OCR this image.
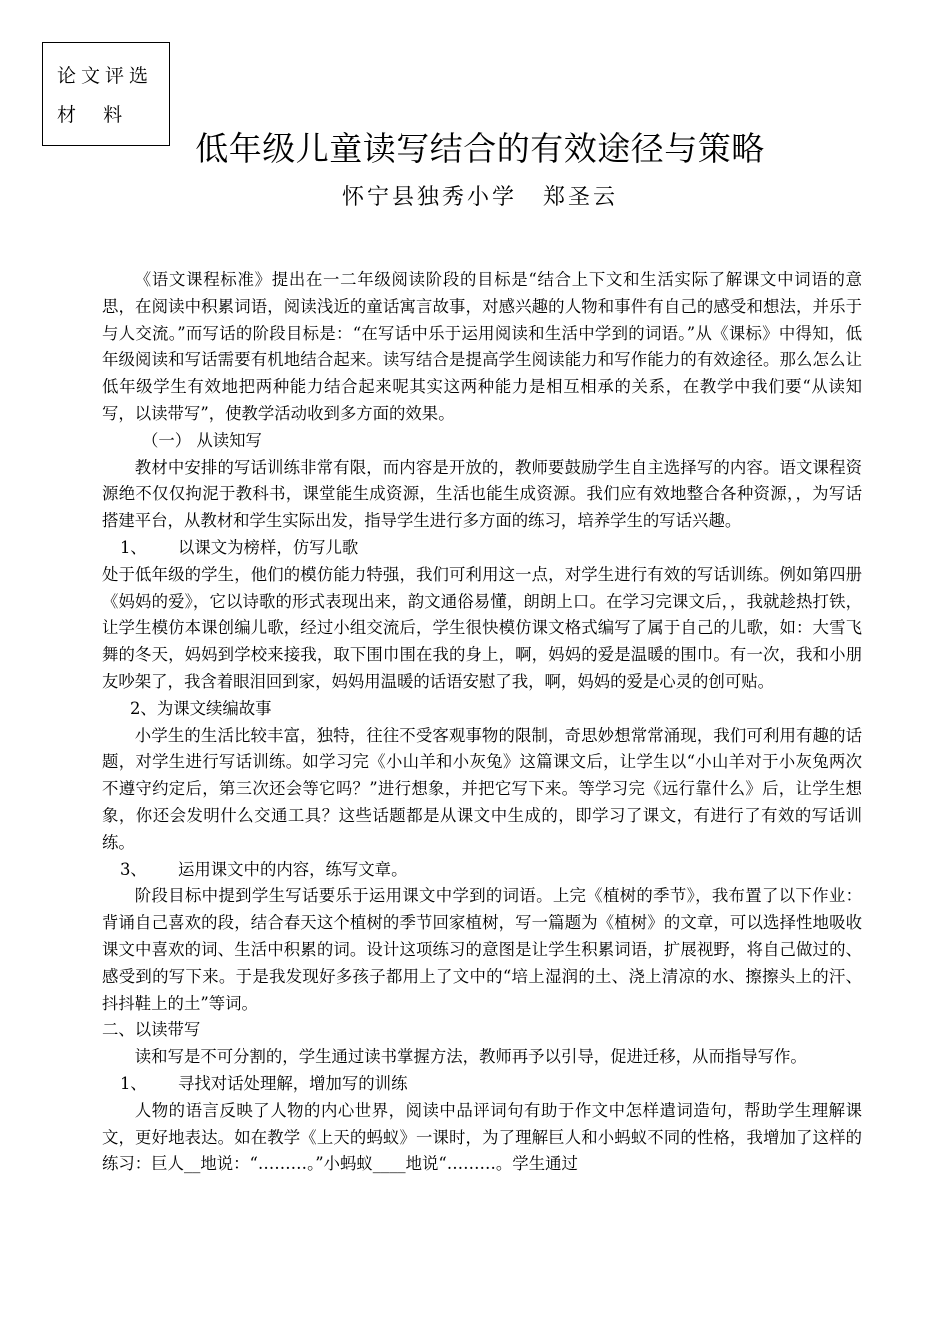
论文评选
材  料
低年级儿童读写结合的有效途径与策略
怀宁县独秀小学 郑圣云

《语文课程标准》提出在一二年级阅读阶段的目标是“结合上下文和生活实际了解课文中词语的意思，在阅读中积累词语，阅读浅近的童话寓言故事，对感兴趣的人物和事件有自己的感受和想法，并乐于与人交流。”而写话的阶段目标是：“在写话中乐于运用阅读和生活中学到的词语。”从《课标》中得知，低年级阅读和写话需要有机地结合起来。读写结合是提高学生阅读能力和写作能力的有效途径。那么怎么让低年级学生有效地把两种能力结合起来呢其实这两种能力是相互相承的关系，在教学中我们要“从读知写，以读带写”，使教学活动收到多方面的效果。

（一） 从读知写

教材中安排的写话训练非常有限，而内容是开放的，教师要鼓励学生自主选择写的内容。语文课程资源绝不仅仅拘泥于教科书，课堂能生成资源，生活也能生成资源。我们应有效地整合各种资源，，为写话搭建平台，从教材和学生实际出发，指导学生进行多方面的练习，培养学生的写话兴趣。

1、 以课文为榜样，仿写儿歌

处于低年级的学生，他们的模仿能力特强，我们可利用这一点，对学生进行有效的写话训练。例如第四册《妈妈的爱》，它以诗歌的形式表现出来，韵文通俗易懂，朗朗上口。在学习完课文后，，我就趁热打铁，让学生模仿本课创编儿歌，经过小组交流后，学生很快模仿课文格式编写了属于自己的儿歌，如：大雪飞舞的冬天，妈妈到学校来接我，取下围巾围在我的身上，啊，妈妈的爱是温暖的围巾。有一次，我和小朋友吵架了，我含着眼泪回到家，妈妈用温暖的话语安慰了我，啊，妈妈的爱是心灵的创可贴。

2、为课文续编故事

小学生的生活比较丰富，独特，往往不受客观事物的限制，奇思妙想常常涌现，我们可利用有趣的话题，对学生进行写话训练。如学习完《小山羊和小灰兔》这篇课文后，让学生以“小山羊对于小灰兔两次不遵守约定后，第三次还会等它吗？”进行想象，并把它写下来。等学习完《远行靠什么》后，让学生想象，你还会发明什么交通工具？这些话题都是从课文中生成的，即学习了课文，有进行了有效的写话训练。

3、 运用课文中的内容，练写文章。

阶段目标中提到学生写话要乐于运用课文中学到的词语。上完《植树的季节》，我布置了以下作业：背诵自己喜欢的段，结合春天这个植树的季节回家植树，写一篇题为《植树》的文章，可以选择性地吸收课文中喜欢的词、生活中积累的词。设计这项练习的意图是让学生积累词语，扩展视野，将自己做过的、感受到的写下来。于是我发现好多孩子都用上了文中的“培上湿润的土、浇上清凉的水、擦擦头上的汗、抖抖鞋上的土”等词。

二、以读带写

读和写是不可分割的，学生通过读书掌握方法，教师再予以引导，促进迁移，从而指导写作。

1、 寻找对话处理解，增加写的训练

人物的语言反映了人物的内心世界，阅读中品评词句有助于作文中怎样遣词造句，帮助学生理解课文，更好地表达。如在教学《上天的蚂蚁》一课时，为了理解巨人和小蚂蚁不同的性格，我增加了这样的练习：巨人__地说：“………。”小蚂蚁____地说“………。学生通过
